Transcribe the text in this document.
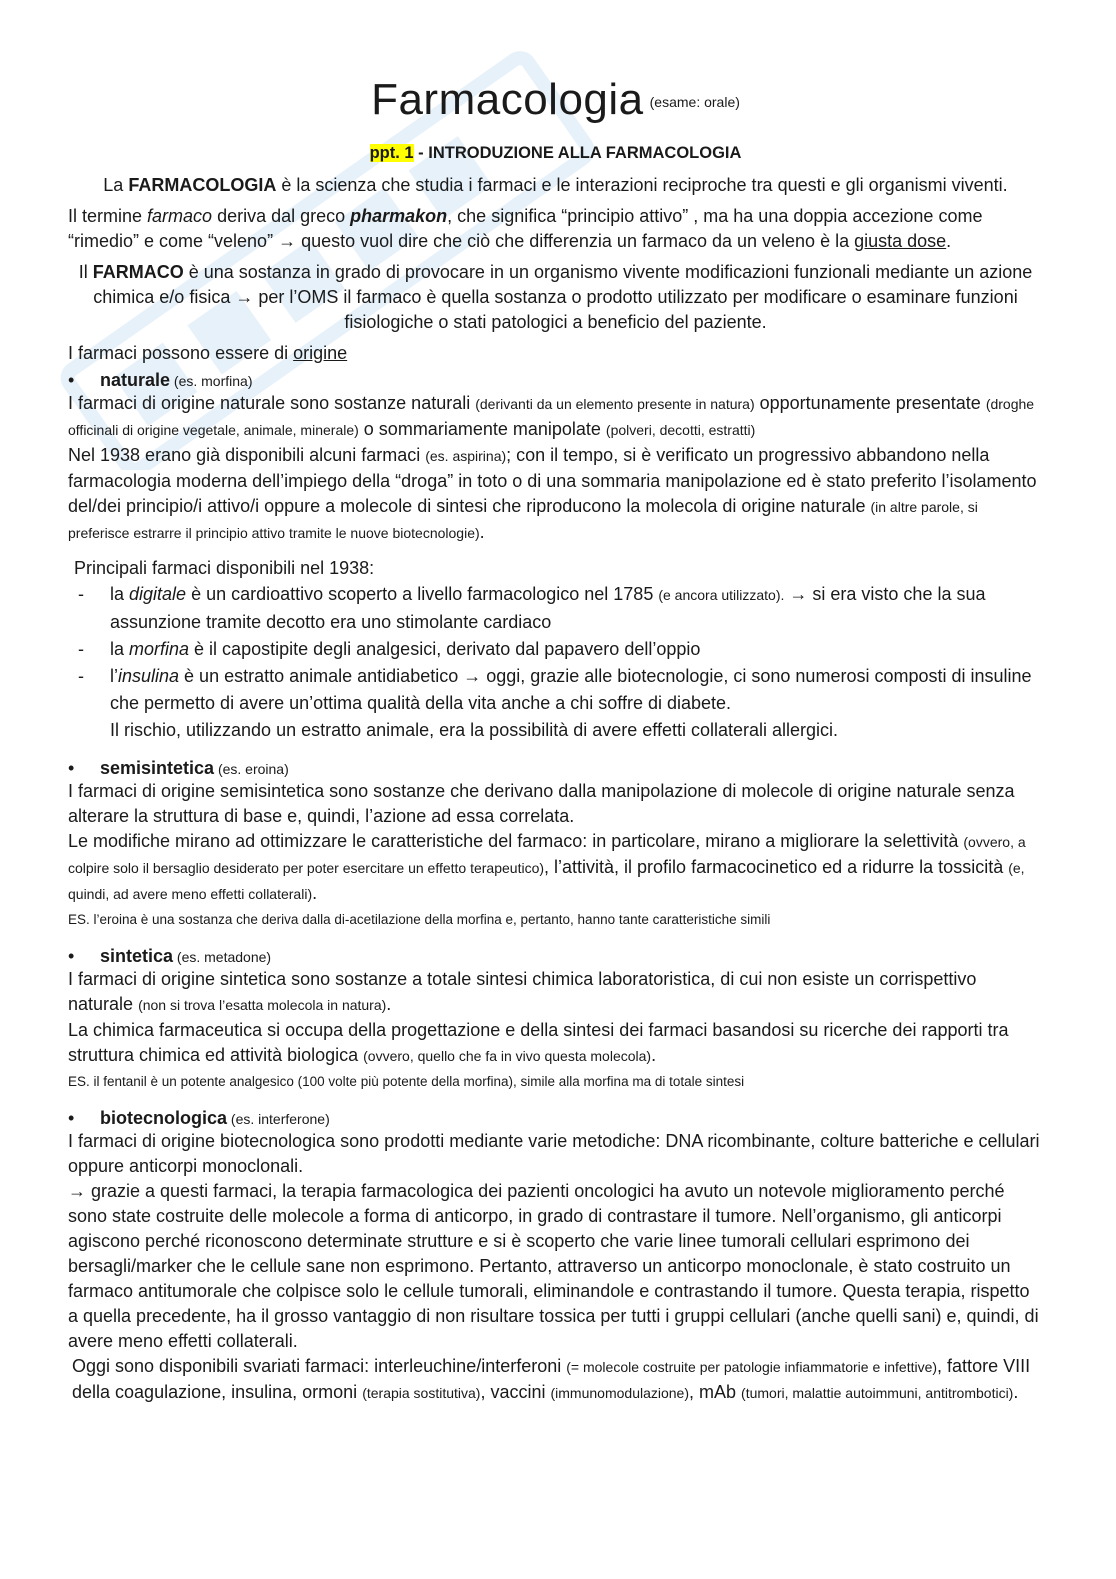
Farmacologia (esame: orale)
ppt. 1 - INTRODUZIONE ALLA FARMACOLOGIA

La FARMACOLOGIA è la scienza che studia i farmaci e le interazioni reciproche tra questi e gli organismi viventi.

Il termine farmaco deriva dal greco pharmakon, che significa “principio attivo” , ma ha una doppia accezione come “rimedio” e come “veleno” → questo vuol dire che ciò che differenzia un farmaco da un veleno è la giusta dose.

Il FARMACO è una sostanza in grado di provocare in un organismo vivente modificazioni funzionali mediante un azione chimica e/o fisica → per l’OMS il farmaco è quella sostanza o prodotto utilizzato per modificare o esaminare funzioni fisiologiche o stati patologici a beneficio del paziente.

I farmaci possono essere di origine

•	naturale (es. morfina)

I farmaci di origine naturale sono sostanze naturali (derivanti da un elemento presente in natura) opportunamente presentate (droghe officinali di origine vegetale, animale, minerale) o sommariamente manipolate (polveri, decotti, estratti)

Nel 1938 erano già disponibili alcuni farmaci (es. aspirina); con il tempo, si è verificato un progressivo abbandono nella farmacologia moderna dell’impiego della “droga” in toto o di una sommaria manipolazione ed è stato preferito l’isolamento del/dei principio/i attivo/i oppure a molecole di sintesi che riproducono la molecola di origine naturale (in altre parole, si preferisce estrarre il principio attivo tramite le nuove biotecnologie).

Principali farmaci disponibili nel 1938:

-	la digitale è un cardioattivo scoperto a livello farmacologico nel 1785 (e ancora utilizzato). → si era visto che la sua assunzione tramite decotto era uno stimolante cardiaco
-	la morfina è il capostipite degli analgesici, derivato dal papavero dell’oppio
-	l’insulina è un estratto animale antidiabetico → oggi, grazie alle biotecnologie, ci sono numerosi composti di insuline che permetto di avere un’ottima qualità della vita anche a chi soffre di diabete.

Il rischio, utilizzando un estratto animale, era la possibilità di avere effetti collaterali allergici.

•	semisintetica (es. eroina)

I farmaci di origine semisintetica sono sostanze che derivano dalla manipolazione di molecole di origine naturale senza alterare la struttura di base e, quindi, l’azione ad essa correlata.

Le modifiche mirano ad ottimizzare le caratteristiche del farmaco: in particolare, mirano a migliorare la selettività (ovvero, a colpire solo il bersaglio desiderato per poter esercitare un effetto terapeutico), l’attività, il profilo farmacocinetico ed a ridurre la tossicità (e, quindi, ad avere meno effetti collaterali).

ES. l’eroina è una sostanza che deriva dalla di-acetilazione della morfina e, pertanto, hanno tante caratteristiche simili

•	sintetica (es. metadone)

I farmaci di origine sintetica sono sostanze a totale sintesi chimica laboratoristica, di cui non esiste un corrispettivo naturale (non si trova l’esatta molecola in natura).

La chimica farmaceutica si occupa della progettazione e della sintesi dei farmaci basandosi su ricerche dei rapporti tra struttura chimica ed attività biologica (ovvero, quello che fa in vivo questa molecola).

ES. il fentanil è un potente analgesico (100 volte più potente della morfina), simile alla morfina ma di totale sintesi

•	biotecnologica (es. interferone)

I farmaci di origine biotecnologica sono prodotti mediante varie metodiche: DNA ricombinante, colture batteriche e cellulari oppure anticorpi monoclonali.

→ grazie a questi farmaci, la terapia farmacologica dei pazienti oncologici ha avuto un notevole miglioramento perché sono state costruite delle molecole a forma di anticorpo, in grado di contrastare il tumore. Nell’organismo, gli anticorpi agiscono perché riconoscono determinate strutture e si è scoperto che varie linee tumorali cellulari esprimono dei bersagli/marker che le cellule sane non esprimono. Pertanto, attraverso un anticorpo monoclonale, è stato costruito un farmaco antitumorale che colpisce solo le cellule tumorali, eliminandole e contrastando il tumore. Questa terapia, rispetto a quella precedente, ha il grosso vantaggio di non risultare tossica per tutti i gruppi cellulari (anche quelli sani) e, quindi, di avere meno effetti collaterali.

Oggi sono disponibili svariati farmaci: interleuchine/interferoni (= molecole costruite per patologie infiammatorie e infettive), fattore VIII della coagulazione, insulina, ormoni (terapia sostitutiva), vaccini (immunomodulazione), mAb (tumori, malattie autoimmuni, antitrombotici).
